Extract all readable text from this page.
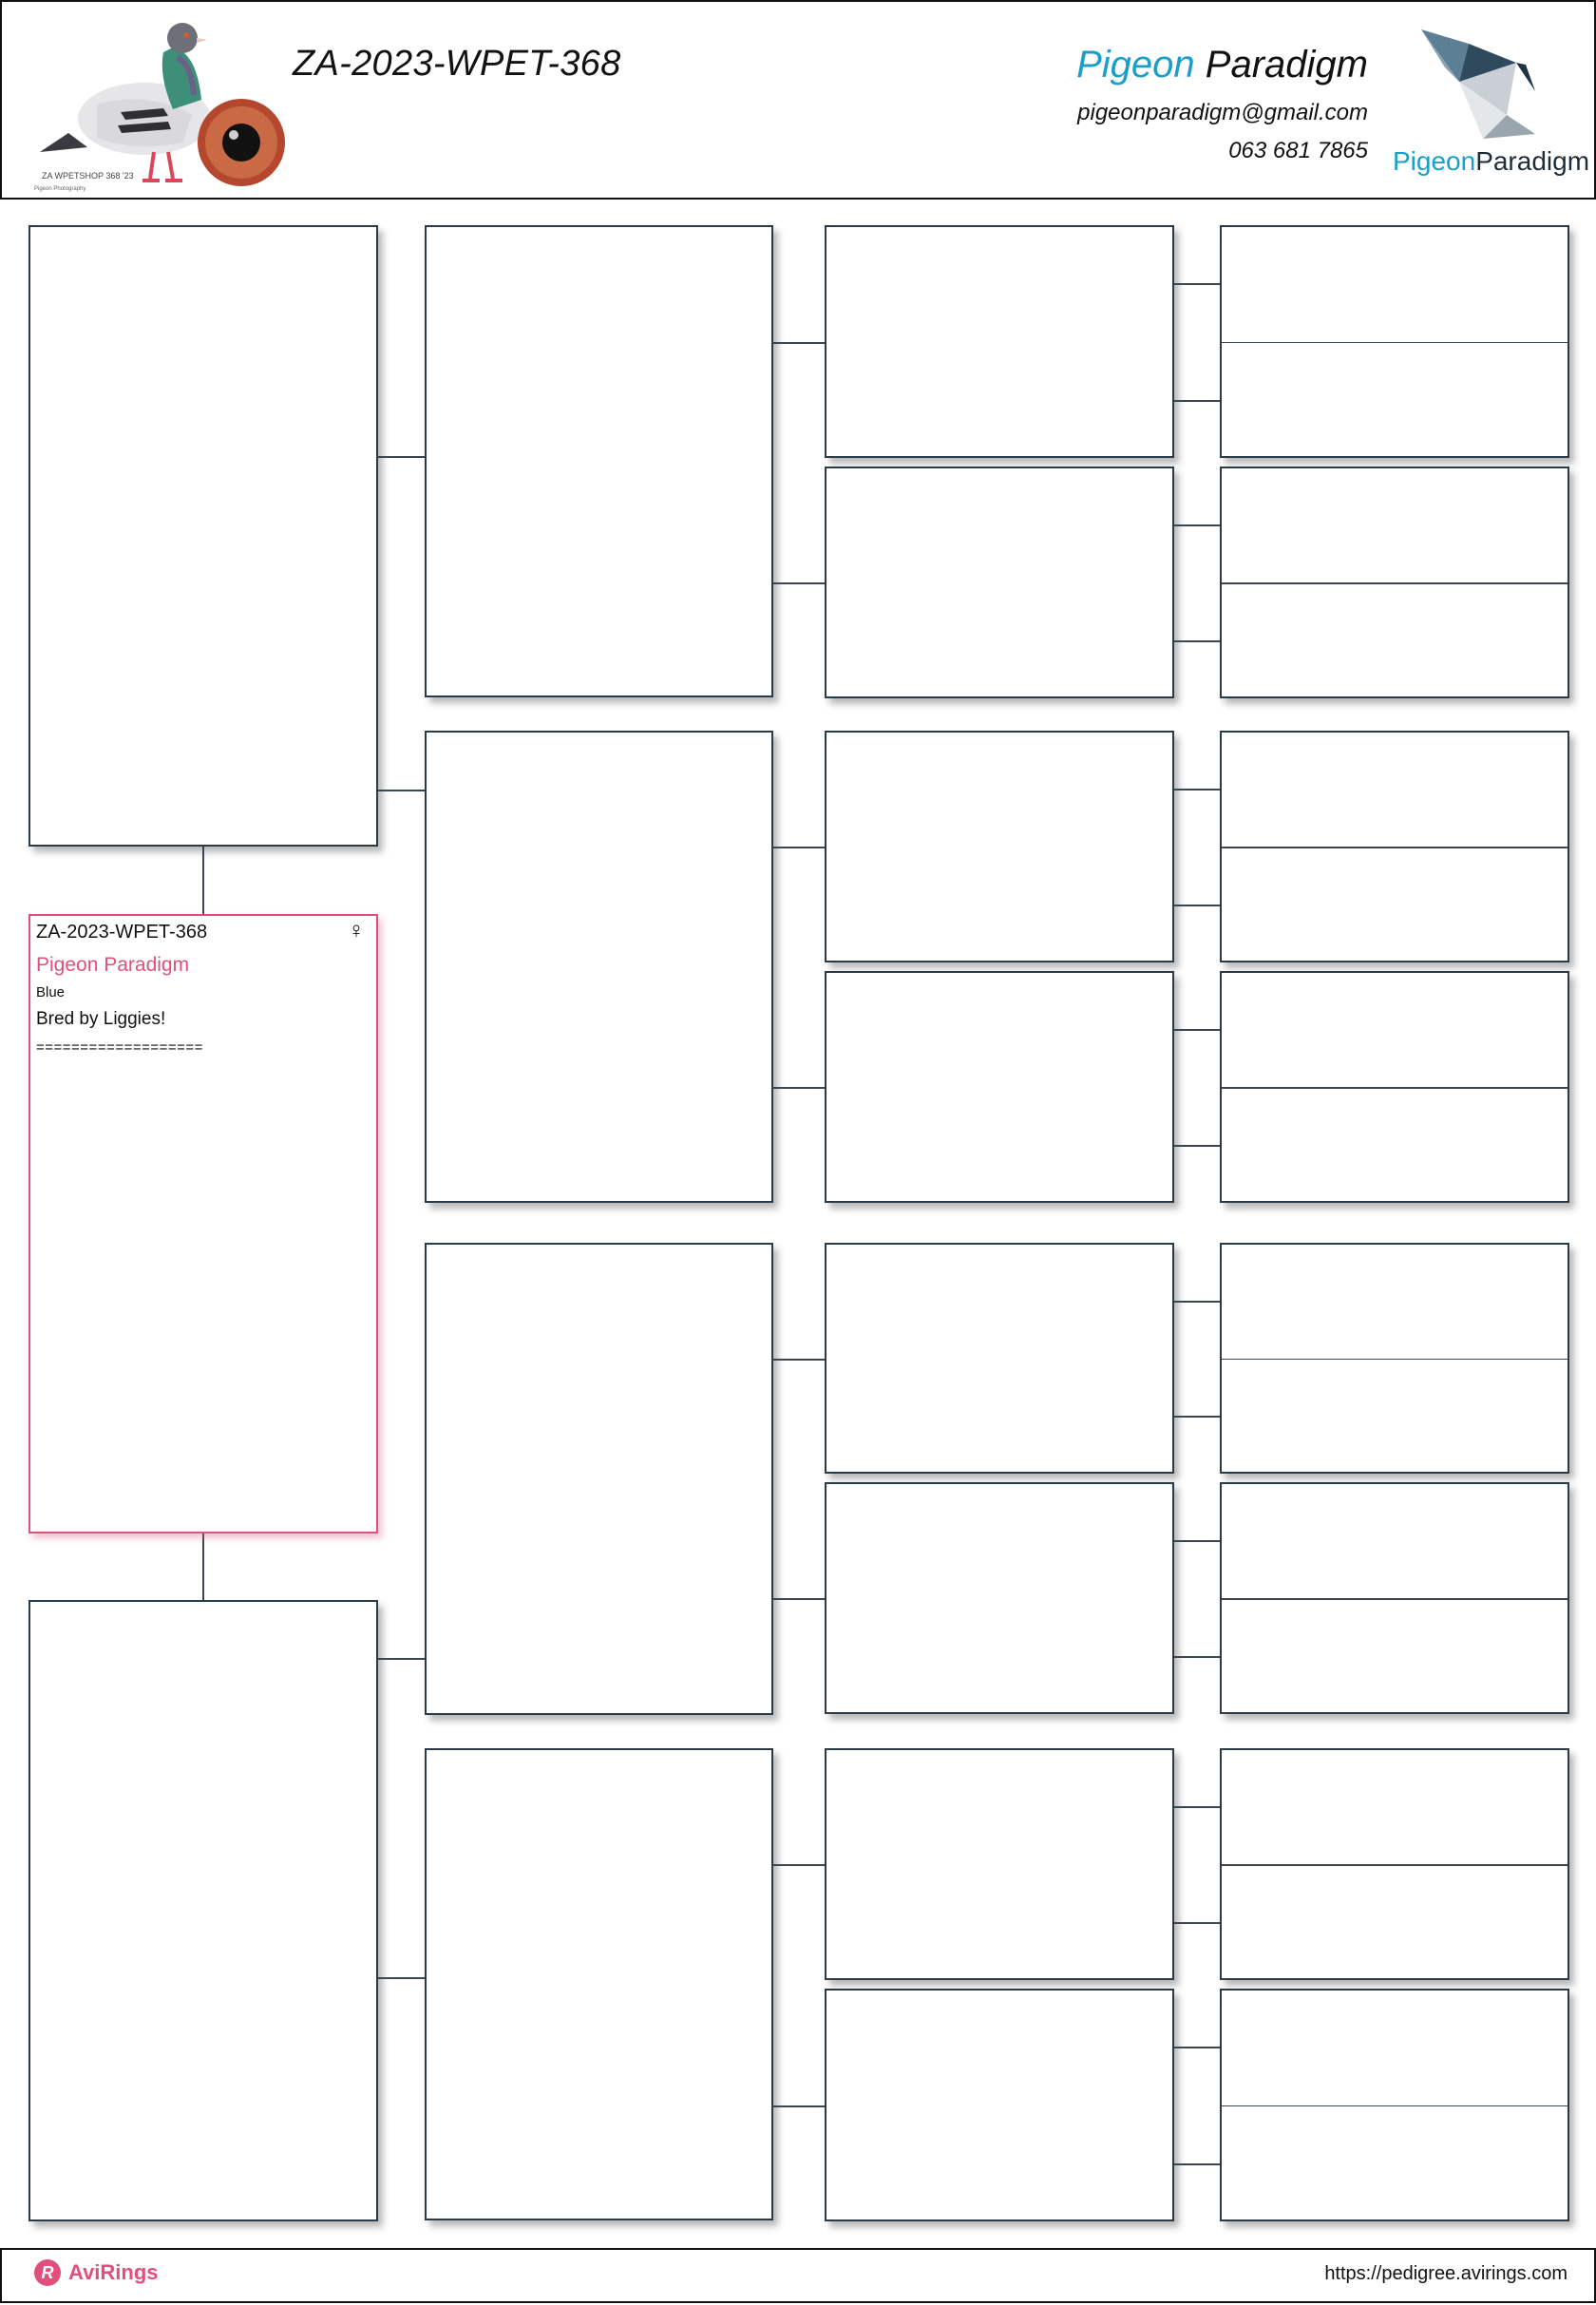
ZA WPETSHOP 368 '23
Pigeon Photography
ZA-2023-WPET-368	Pigeon Paradigm
pigeonparadigm@gmail.com
063 681 7865 PigeonParadigm
ZA-2023-WPET-368	♀
Pigeon Paradigm
Blue
Bred by Liggies!
===================
R AviRings	https://pedigree.avirings.com
